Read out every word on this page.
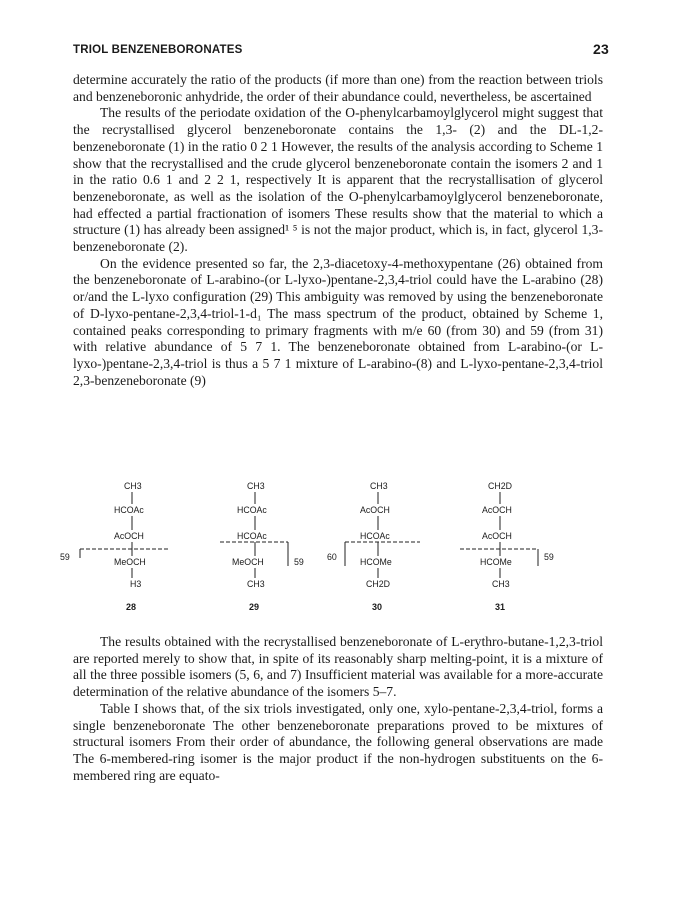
TRIOL BENZENEBORONATES	23

determine accurately the ratio of the products (if more than one) from the reaction between triols and benzeneboronic anhydride, the order of their abundance could, nevertheless, be ascertained

The results of the periodate oxidation of the O-phenylcarbamoylglycerol might suggest that the recrystallised glycerol benzeneboronate contains the 1,3- (2) and the DL-1,2-benzeneboronate (1) in the ratio 0 2 1 However, the results of the analysis according to Scheme 1 show that the recrystallised and the crude glycerol benzeneboronate contain the isomers 2 and 1 in the ratio 0.6 1 and 2 2 1, respectively It is apparent that the recrystallisation of glycerol benzeneboronate, as well as the isolation of the O-phenylcarbamoylglycerol benzeneboronate, had effected a partial fractionation of isomers These results show that the material to which a structure (1) has already been assigned¹ ⁵ is not the major product, which is, in fact, glycerol 1,3-benzeneboronate (2).

On the evidence presented so far, the 2,3-diacetoxy-4-methoxypentane (26) obtained from the benzeneboronate of L-arabino-(or L-lyxo-)pentane-2,3,4-triol could have the L-arabino (28) or/and the L-lyxo configuration (29) This ambiguity was removed by using the benzeneboronate of D-lyxo-pentane-2,3,4-triol-1-d₁ The mass spectrum of the product, obtained by Scheme 1, contained peaks corresponding to primary fragments with m/e 60 (from 30) and 59 (from 31) with relative abundance of 5 7 1. The benzeneboronate obtained from L-arabino-(or L-lyxo-)pentane-2,3,4-triol is thus a 5 7 1 mixture of L-arabino-(8) and L-lyxo-pentane-2,3,4-triol 2,3-benzeneboronate (9)

CH3
HCOAc
AcOCH
59	MeOCH
H3
28
CH3
HCOAc
HCOAc
MeOCH	59
CH3
29
CH3
AcOCH
HCOAc
60	HCOMe
CH2D
30
CH2D
AcOCH
AcOCH
HCOMe	59
CH3
31

The results obtained with the recrystallised benzeneboronate of L-erythro-butane-1,2,3-triol are reported merely to show that, in spite of its reasonably sharp melting-point, it is a mixture of all the three possible isomers (5, 6, and 7) Insufficient material was available for a more-accurate determination of the relative abundance of the isomers 5–7.

Table I shows that, of the six triols investigated, only one, xylo-pentane-2,3,4-triol, forms a single benzeneboronate The other benzeneboronate preparations proved to be mixtures of structural isomers From their order of abundance, the following general observations are made The 6-membered-ring isomer is the major product if the non-hydrogen substituents on the 6-membered ring are equato-
